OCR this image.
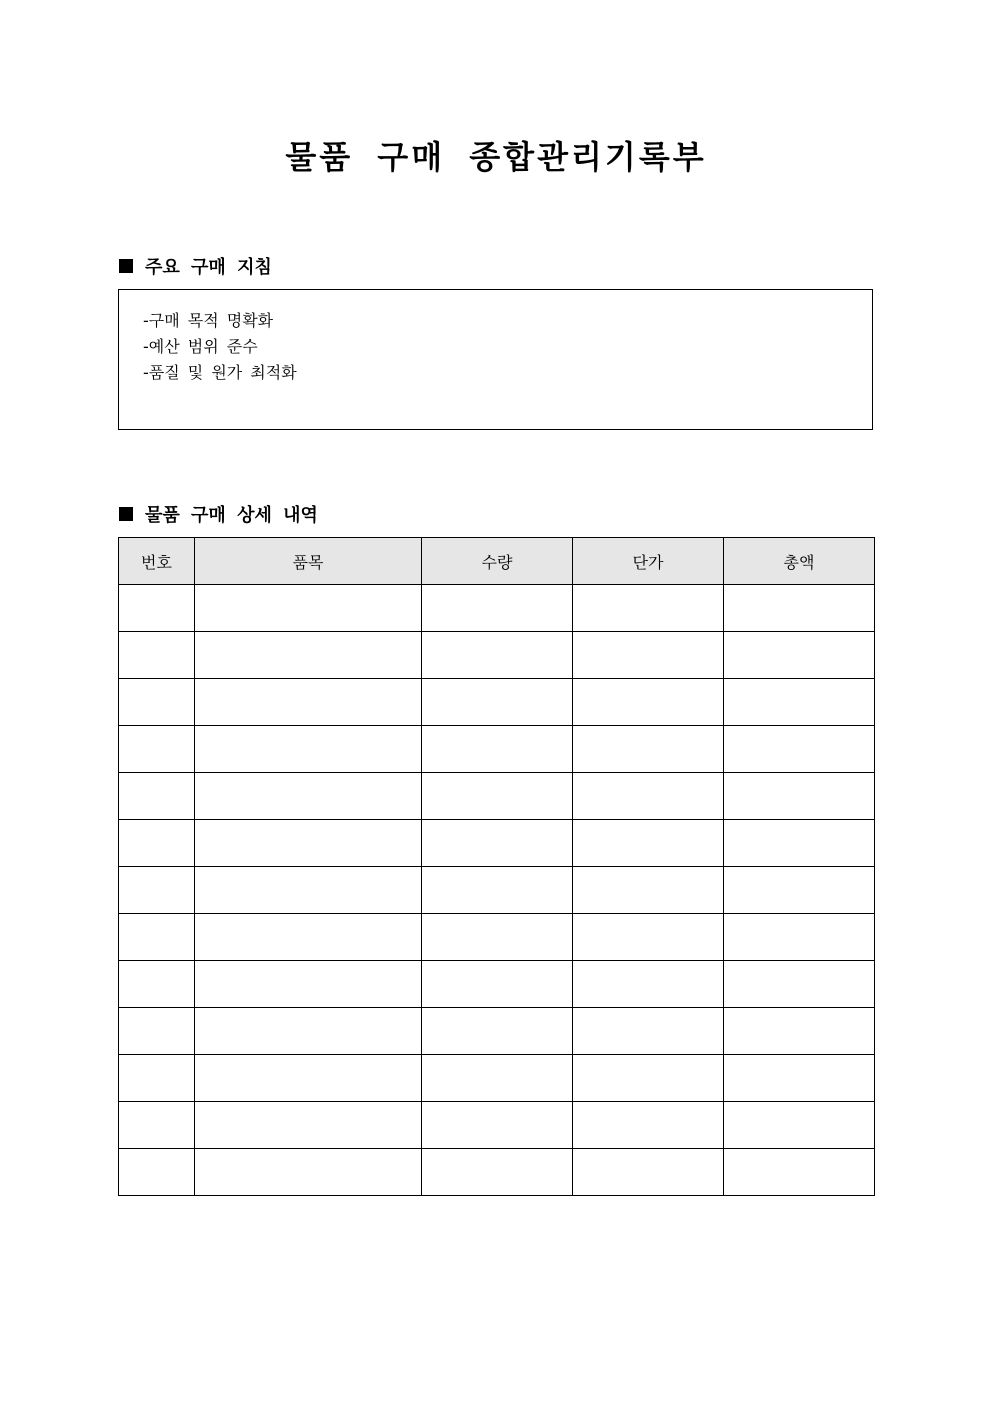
물품 구매 종합관리기록부
주요 구매 지침
-구매 목적 명확화
-예산 범위 준수
-품질 및 원가 최적화
물품 구매 상세 내역
번호	품목	수량	단가	총액
